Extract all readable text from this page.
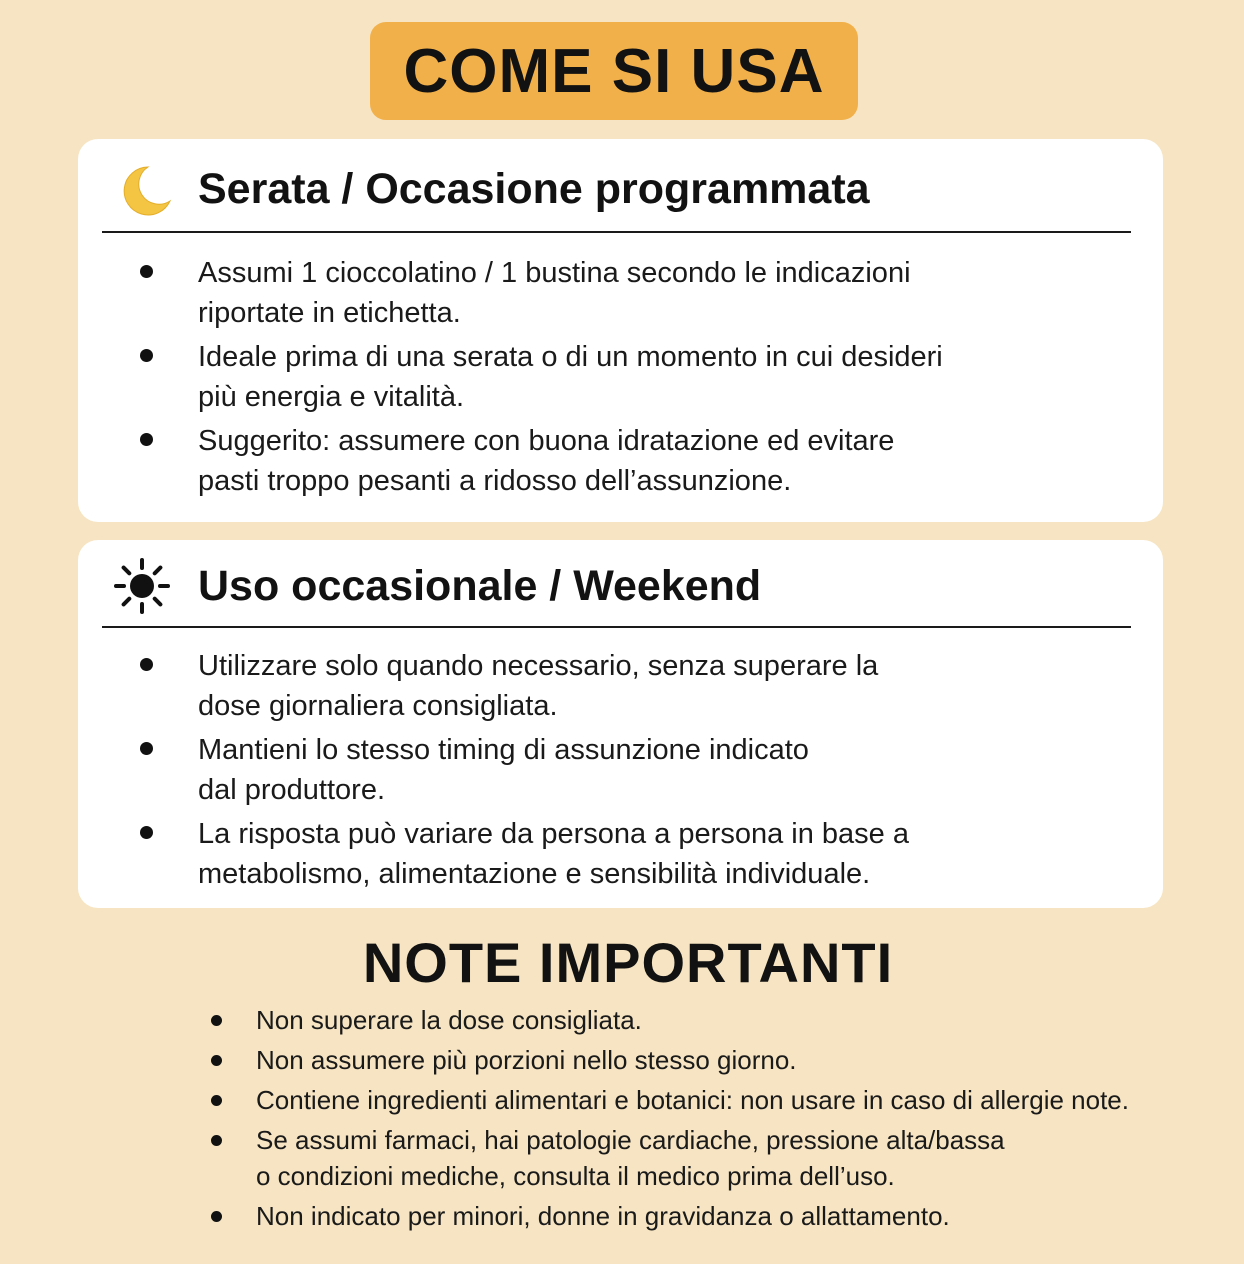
COME SI USA
Serata / Occasione programmata
Assumi 1 cioccolatino / 1 bustina secondo le indicazioni
riportate in etichetta.
Ideale prima di una serata o di un momento in cui desideri
più energia e vitalità.
Suggerito: assumere con buona idratazione ed evitare
pasti troppo pesanti a ridosso dell’assunzione.
Uso occasionale / Weekend
Utilizzare solo quando necessario, senza superare la
dose giornaliera consigliata.
Mantieni lo stesso timing di assunzione indicato
dal produttore.
La risposta può variare da persona a persona in base a
metabolismo, alimentazione e sensibilità individuale.
NOTE IMPORTANTI
Non superare la dose consigliata.
Non assumere più porzioni nello stesso giorno.
Contiene ingredienti alimentari e botanici: non usare in caso di allergie note.
Se assumi farmaci, hai patologie cardiache, pressione alta/bassa
o condizioni mediche, consulta il medico prima dell’uso.
Non indicato per minori, donne in gravidanza o allattamento.
